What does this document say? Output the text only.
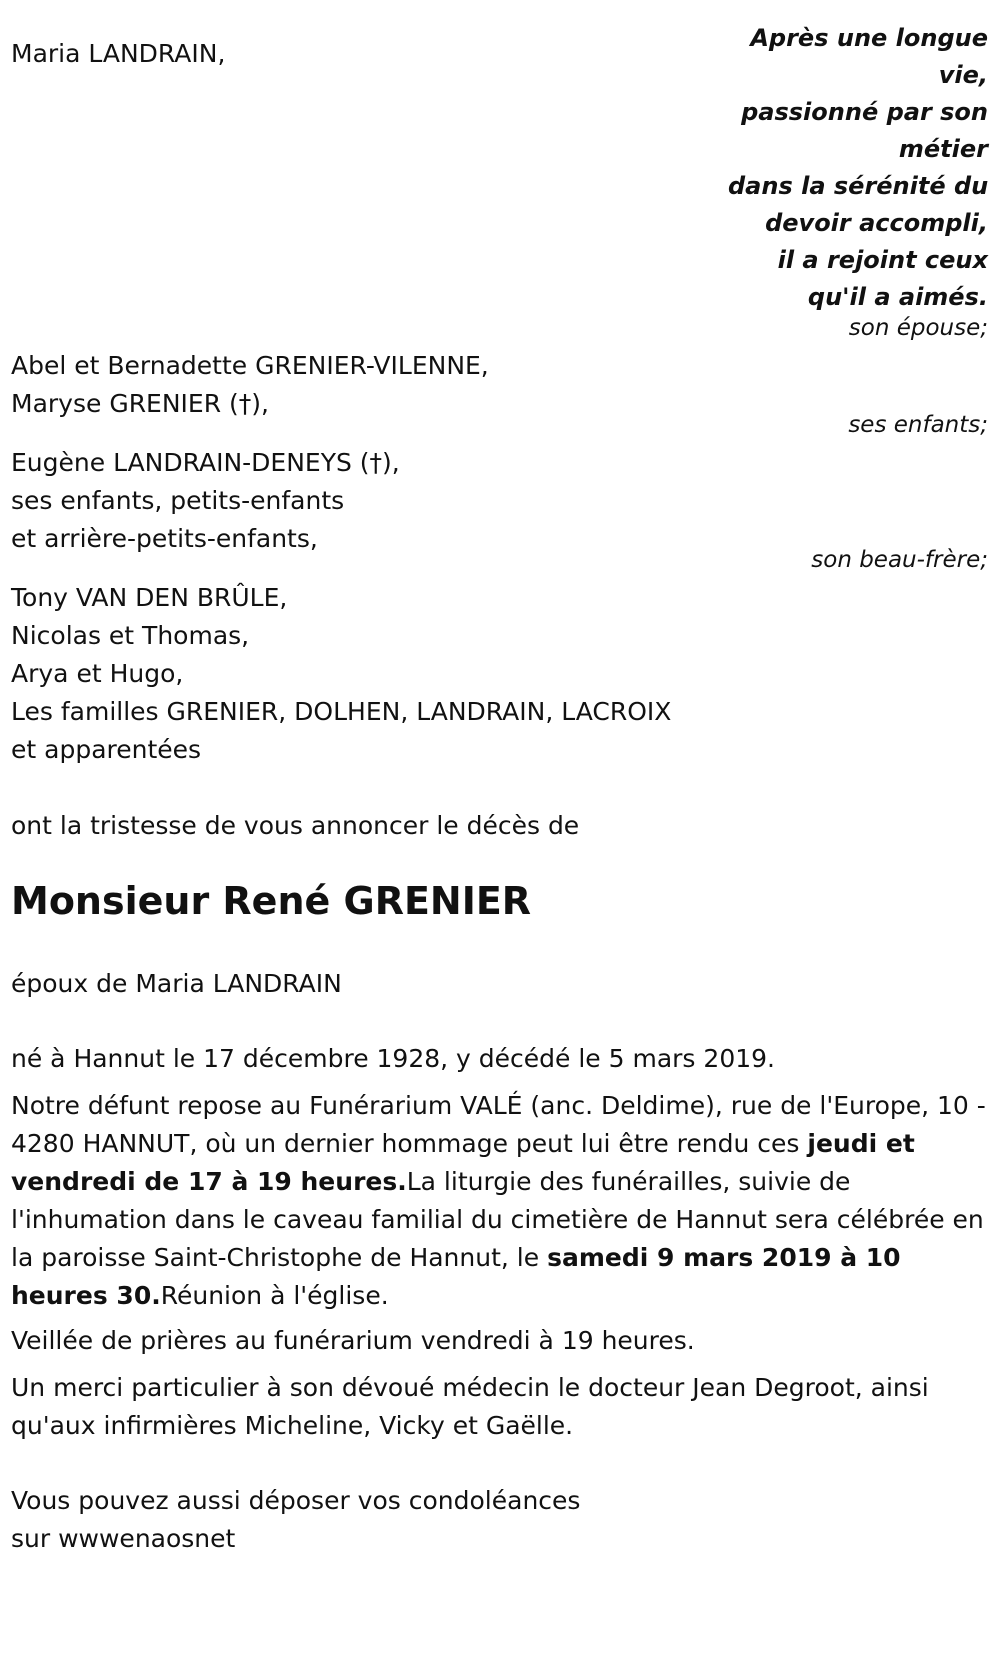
Maria LANDRAIN,

Après une longue
vie,
passionné par son
métier
dans la sérénité du
devoir accompli,
il a rejoint ceux
qu'il a aimés.

son épouse;

Abel et Bernadette GRENIER-VILENNE,
Maryse GRENIER (†),

ses enfants;

Eugène LANDRAIN-DENEYS (†),
ses enfants, petits-enfants
et arrière-petits-enfants,

son beau-frère;

Tony VAN DEN BRÛLE,
Nicolas et Thomas,
Arya et Hugo,
Les familles GRENIER, DOLHEN, LANDRAIN, LACROIX
et apparentées

ont la tristesse de vous annoncer le décès de

Monsieur René GRENIER

époux de Maria LANDRAIN

né à Hannut le 17 décembre 1928, y décédé le 5 mars 2019.

Notre défunt repose au Funérarium VALÉ (anc. Deldime), rue de l'Europe, 10 - 4280 HANNUT, où un dernier hommage peut lui être rendu ces jeudi et vendredi de 17 à 19 heures.La liturgie des funérailles, suivie de l'inhumation dans le caveau familial du cimetière de Hannut sera célébrée en la paroisse Saint-Christophe de Hannut, le samedi 9 mars 2019 à 10 heures 30.Réunion à l'église.

Veillée de prières au funérarium vendredi à 19 heures.

Un merci particulier à son dévoué médecin le docteur Jean Degroot, ainsi qu'aux infirmières Micheline, Vicky et Gaëlle.

Vous pouvez aussi déposer vos condoléances
sur wwwenaosnet
